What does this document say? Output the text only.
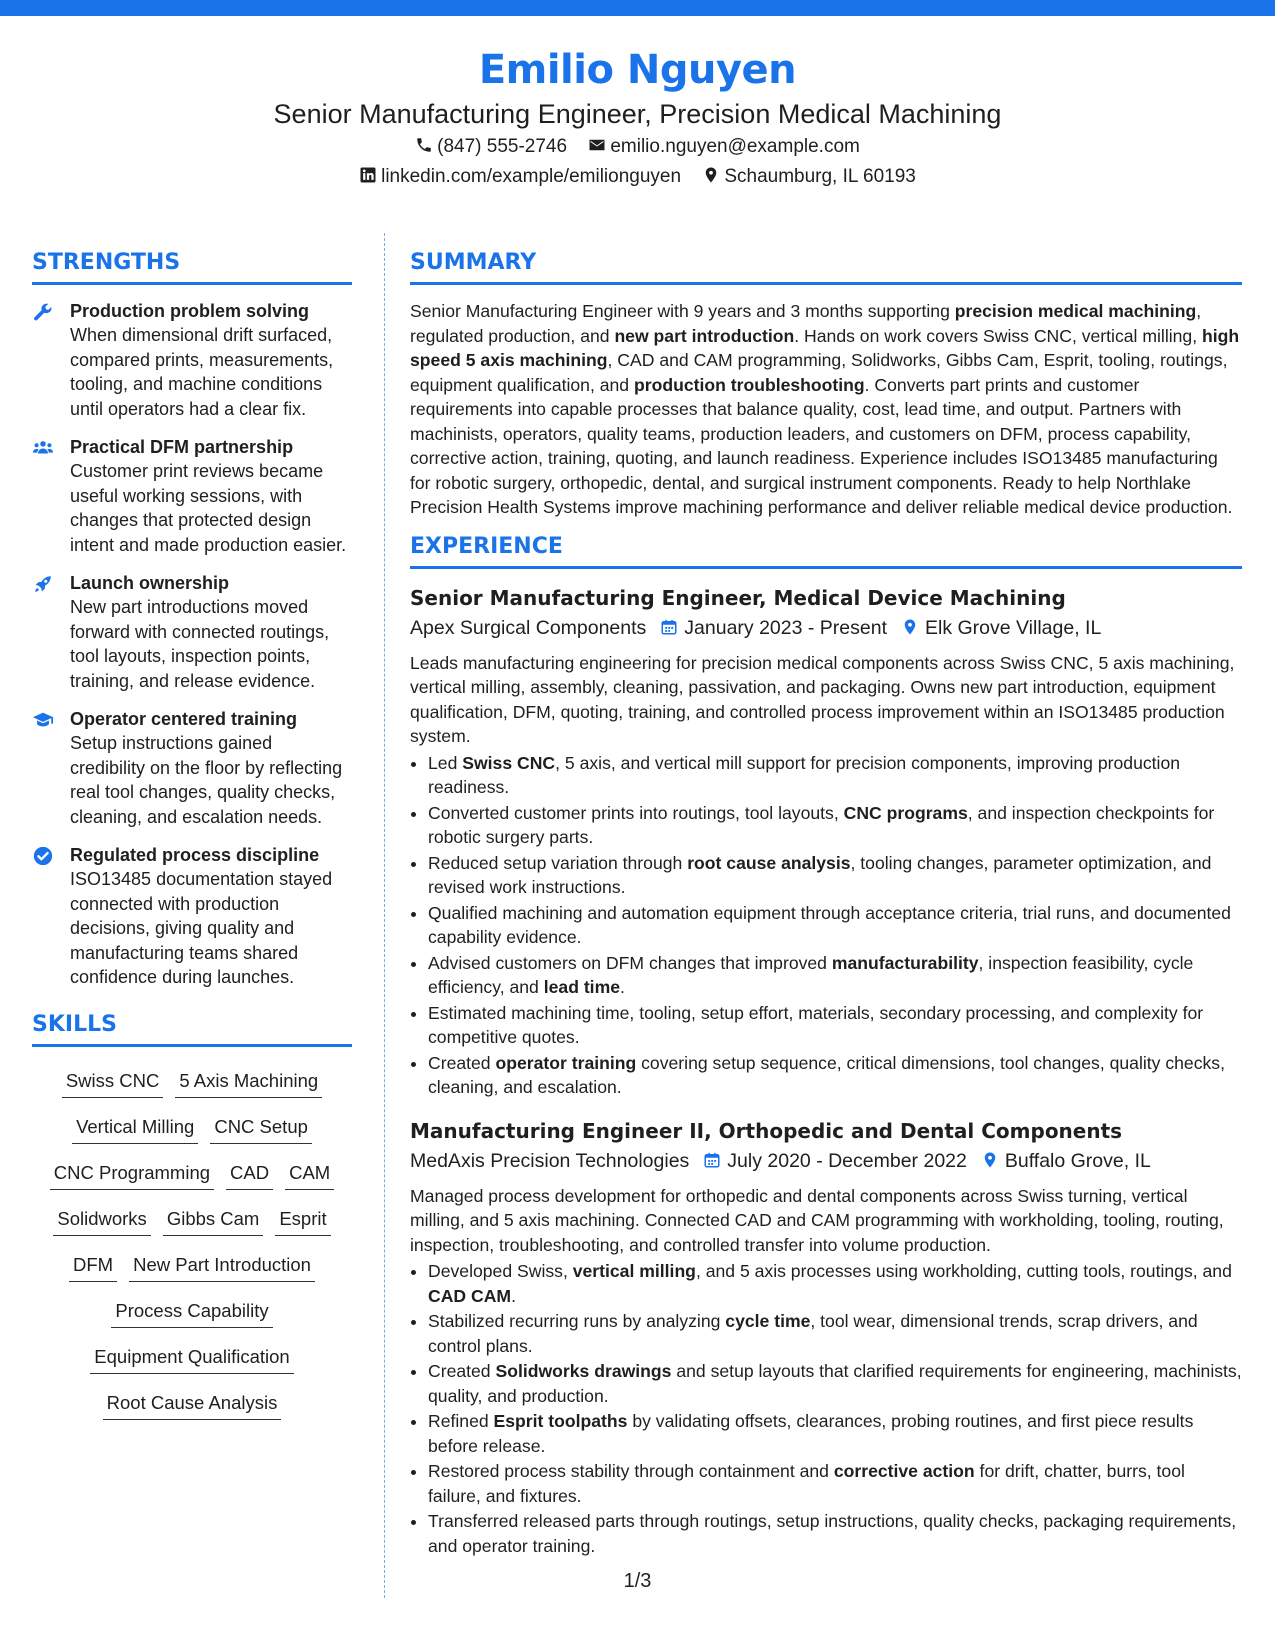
Emilio Nguyen
Senior Manufacturing Engineer, Precision Medical Machining
(847) 555-2746 emilio.nguyen@example.com
linkedin.com/example/emilionguyen Schaumburg, IL 60193
STRENGTHS
Production problem solving
When dimensional drift surfaced, compared prints, measurements, tooling, and machine conditions until operators had a clear fix.
Practical DFM partnership
Customer print reviews became useful working sessions, with changes that protected design intent and made production easier.
Launch ownership
New part introductions moved forward with connected routings, tool layouts, inspection points, training, and release evidence.
Operator centered training
Setup instructions gained credibility on the floor by reflecting real tool changes, quality checks, cleaning, and escalation needs.
Regulated process discipline
ISO13485 documentation stayed connected with production decisions, giving quality and manufacturing teams shared confidence during launches.
SKILLS
Swiss CNC 5 Axis Machining
Vertical Milling CNC Setup
CNC Programming CAD CAM
Solidworks Gibbs Cam Esprit
DFM New Part Introduction
Process Capability
Equipment Qualification
Root Cause Analysis
SUMMARY
Senior Manufacturing Engineer with 9 years and 3 months supporting precision medical machining, regulated production, and new part introduction. Hands on work covers Swiss CNC, vertical milling, high speed 5 axis machining, CAD and CAM programming, Solidworks, Gibbs Cam, Esprit, tooling, routings, equipment qualification, and production troubleshooting. Converts part prints and customer requirements into capable processes that balance quality, cost, lead time, and output. Partners with machinists, operators, quality teams, production leaders, and customers on DFM, process capability, corrective action, training, quoting, and launch readiness. Experience includes ISO13485 manufacturing for robotic surgery, orthopedic, dental, and surgical instrument components. Ready to help Northlake Precision Health Systems improve machining performance and deliver reliable medical device production.
EXPERIENCE
Senior Manufacturing Engineer, Medical Device Machining
Apex Surgical Components January 2023 - Present Elk Grove Village, IL
Leads manufacturing engineering for precision medical components across Swiss CNC, 5 axis machining, vertical milling, assembly, cleaning, passivation, and packaging. Owns new part introduction, equipment qualification, DFM, quoting, training, and controlled process improvement within an ISO13485 production system.
• Led Swiss CNC, 5 axis, and vertical mill support for precision components, improving production readiness.
• Converted customer prints into routings, tool layouts, CNC programs, and inspection checkpoints for robotic surgery parts.
• Reduced setup variation through root cause analysis, tooling changes, parameter optimization, and revised work instructions.
• Qualified machining and automation equipment through acceptance criteria, trial runs, and documented capability evidence.
• Advised customers on DFM changes that improved manufacturability, inspection feasibility, cycle efficiency, and lead time.
• Estimated machining time, tooling, setup effort, materials, secondary processing, and complexity for competitive quotes.
• Created operator training covering setup sequence, critical dimensions, tool changes, quality checks, cleaning, and escalation.
Manufacturing Engineer II, Orthopedic and Dental Components
MedAxis Precision Technologies July 2020 - December 2022 Buffalo Grove, IL
Managed process development for orthopedic and dental components across Swiss turning, vertical milling, and 5 axis machining. Connected CAD and CAM programming with workholding, tooling, routing, inspection, troubleshooting, and controlled transfer into volume production.
• Developed Swiss, vertical milling, and 5 axis processes using workholding, cutting tools, routings, and CAD CAM.
• Stabilized recurring runs by analyzing cycle time, tool wear, dimensional trends, scrap drivers, and control plans.
• Created Solidworks drawings and setup layouts that clarified requirements for engineering, machinists, quality, and production.
• Refined Esprit toolpaths by validating offsets, clearances, probing routines, and first piece results before release.
• Restored process stability through containment and corrective action for drift, chatter, burrs, tool failure, and fixtures.
• Transferred released parts through routings, setup instructions, quality checks, packaging requirements, and operator training.
1/3
